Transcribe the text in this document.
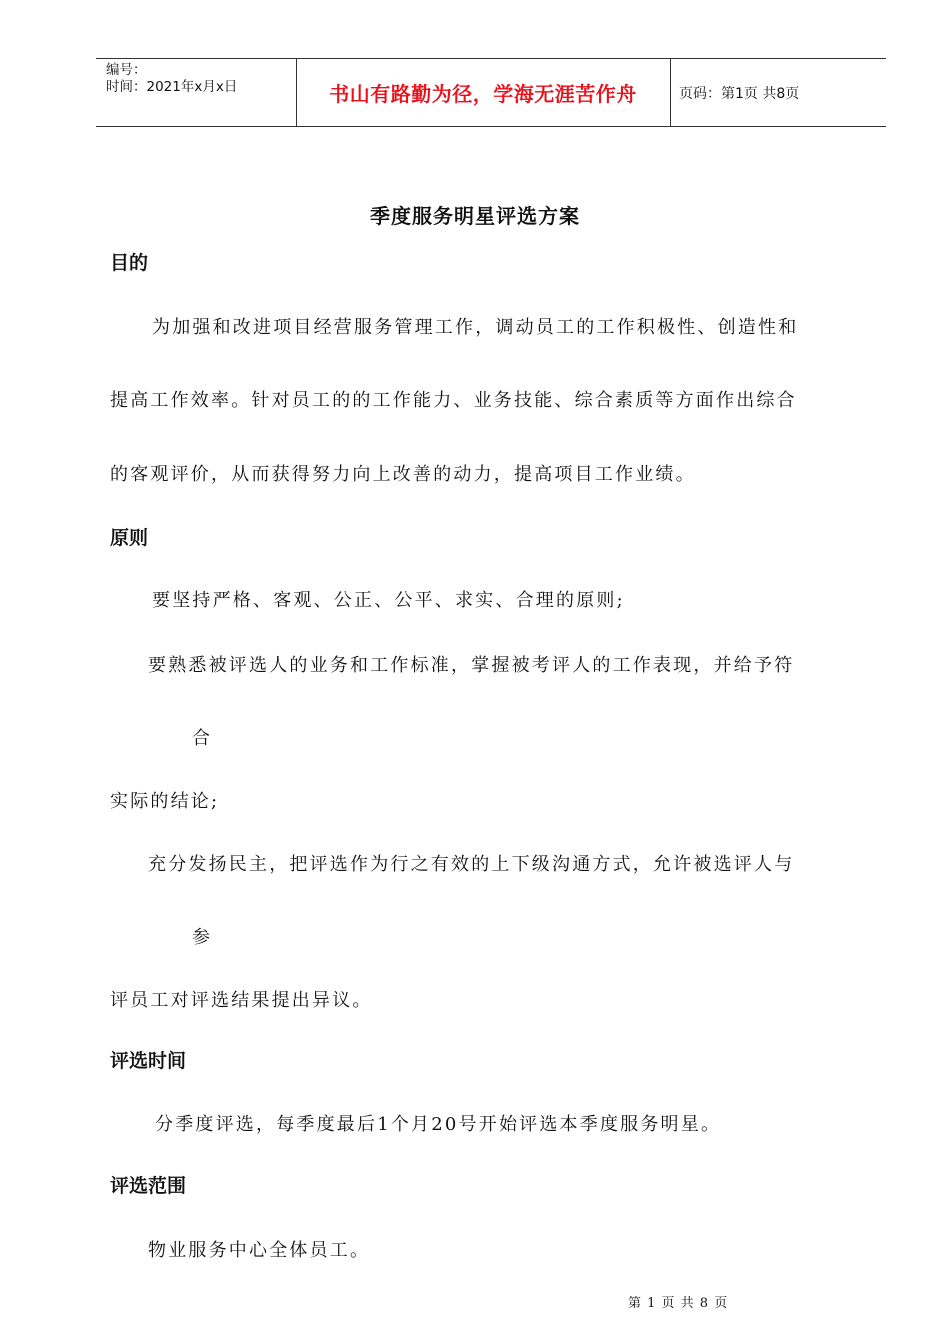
编号：
时间：2021年x月x日	书山有路勤为径，学海无涯苦作舟	页码：第1页 共8页
季度服务明星评选方案
目的
为加强和改进项目经营服务管理工作，调动员工的工作积极性、创造性和
提高工作效率。针对员工的的工作能力、业务技能、综合素质等方面作出综合
的客观评价，从而获得努力向上改善的动力，提高项目工作业绩。
原则
要坚持严格、客观、公正、公平、求实、合理的原则;
要熟悉被评选人的业务和工作标准，掌握被考评人的工作表现，并给予符
合
实际的结论;
充分发扬民主，把评选作为行之有效的上下级沟通方式，允许被选评人与
参
评员工对评选结果提出异议。
评选时间
分季度评选，每季度最后1个月20号开始评选本季度服务明星。
评选范围
物业服务中心全体员工。
第 1 页 共 8 页
